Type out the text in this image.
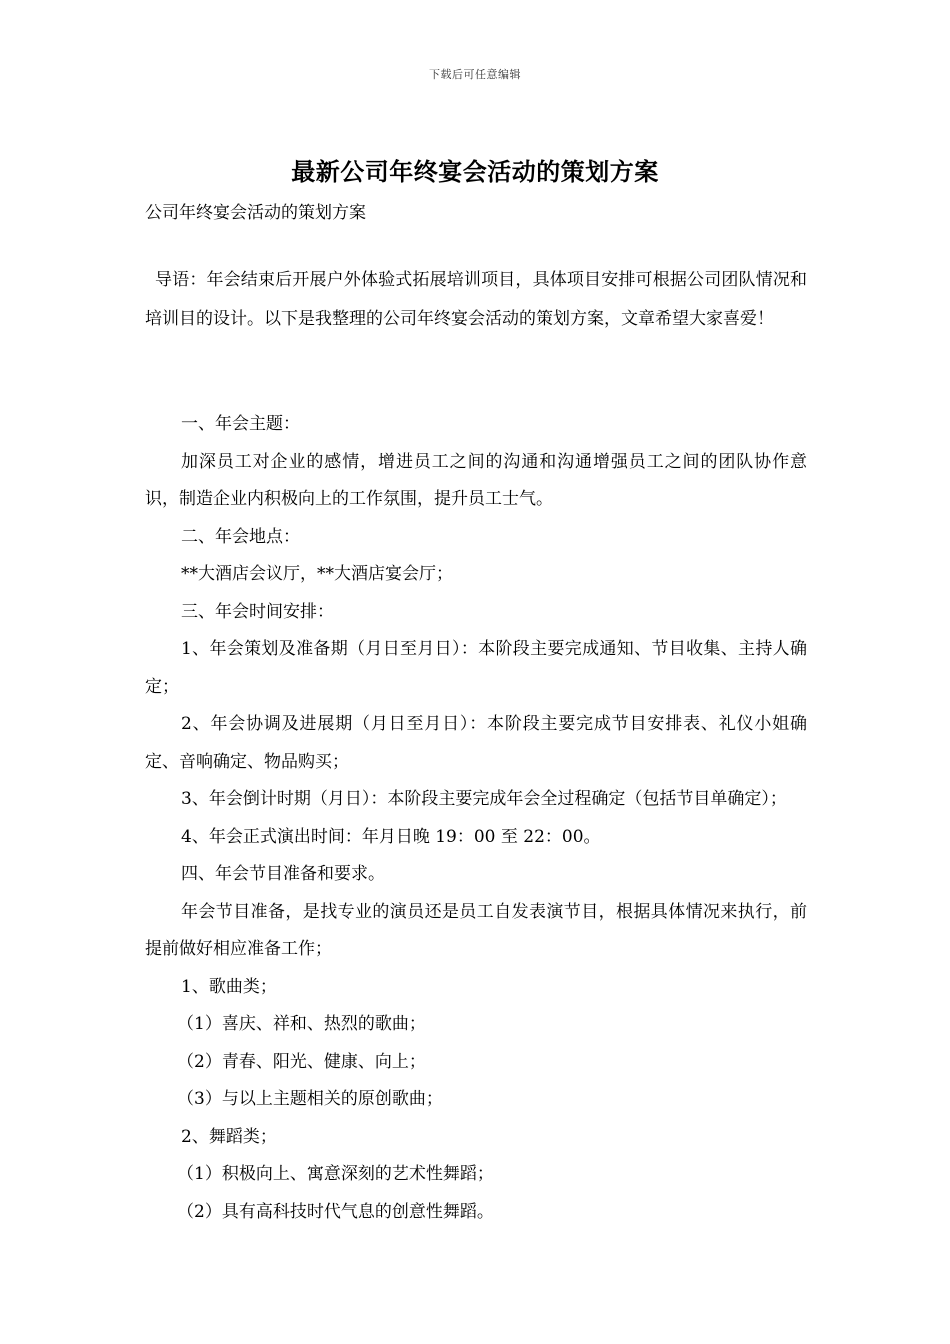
下载后可任意编辑
最新公司年终宴会活动的策划方案
公司年终宴会活动的策划方案
导语：年会结束后开展户外体验式拓展培训项目，具体项目安排可根据公司团队情况和培训目的设计。以下是我整理的公司年终宴会活动的策划方案，文章希望大家喜爱！

一、年会主题：

加深员工对企业的感情，增进员工之间的沟通和沟通增强员工之间的团队协作意识，制造企业内积极向上的工作氛围，提升员工士气。

二、年会地点：

**大酒店会议厅，**大酒店宴会厅；

三、年会时间安排：

1、年会策划及准备期（月日至月日）：本阶段主要完成通知、节目收集、主持人确定；

2、年会协调及进展期（月日至月日）：本阶段主要完成节目安排表、礼仪小姐确定、音响确定、物品购买；

3、年会倒计时期（月日）：本阶段主要完成年会全过程确定（包括节目单确定）；

4、年会正式演出时间：年月日晚 19：00 至 22：00。

四、年会节目准备和要求。

年会节目准备，是找专业的演员还是员工自发表演节目，根据具体情况来执行，前提前做好相应准备工作；

1、歌曲类；

（1）喜庆、祥和、热烈的歌曲；

（2）青春、阳光、健康、向上；

（3）与以上主题相关的原创歌曲；

2、舞蹈类；

（1）积极向上、寓意深刻的艺术性舞蹈；

（2）具有高科技时代气息的创意性舞蹈。
